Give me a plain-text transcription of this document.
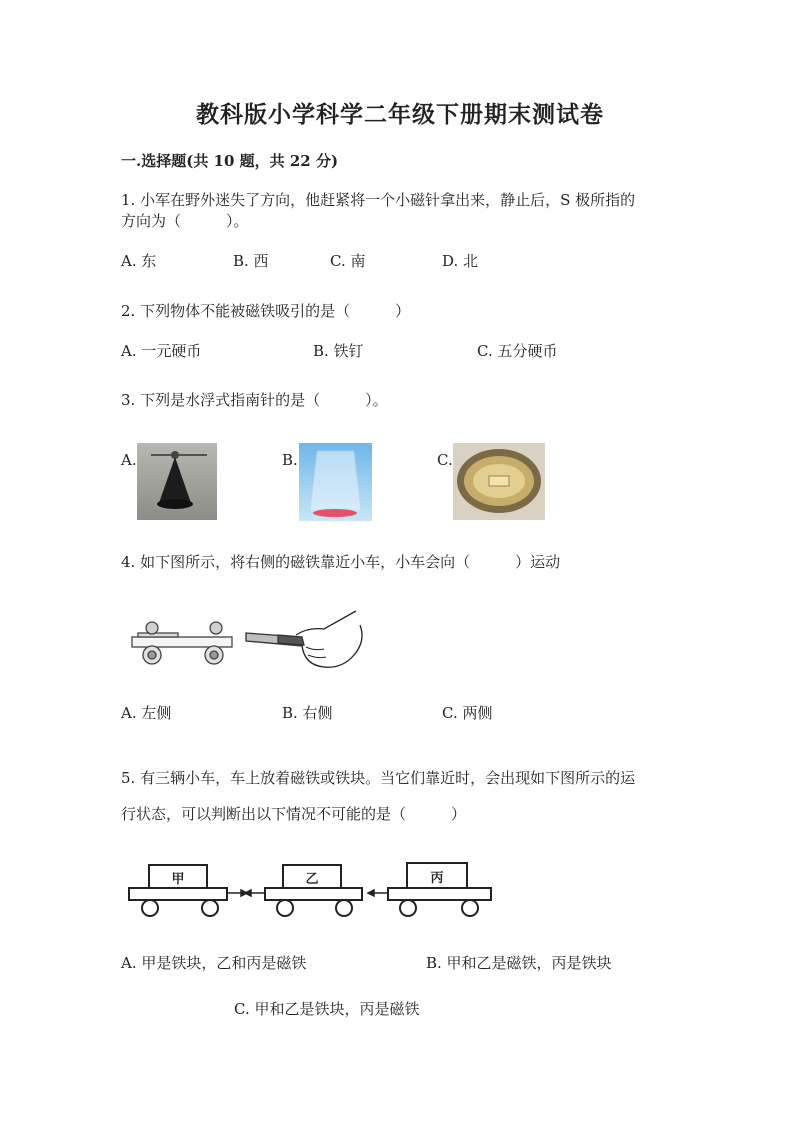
教科版小学科学二年级下册期末测试卷
一.选择题(共 10 题，共 22 分)
1. 小军在野外迷失了方向，他赶紧将一个小磁针拿出来，静止后，S 极所指的
方向为（　　　）。
A. 东	B. 西	C. 南	D. 北
2. 下列物体不能被磁铁吸引的是（　　　）
A. 一元硬币	B. 铁钉	C. 五分硬币
3. 下列是水浮式指南针的是（　　　）。
A.	B.	C.
4. 如下图所示，将右侧的磁铁靠近小车，小车会向（　　　）运动
A. 左侧	B. 右侧	C. 两侧
5. 有三辆小车，车上放着磁铁或铁块。当它们靠近时，会出现如下图所示的运
行状态，可以判断出以下情况不可能的是（　　　）
甲	乙	丙
A. 甲是铁块，乙和丙是磁铁	B. 甲和乙是磁铁，丙是铁块
C. 甲和乙是铁块，丙是磁铁
